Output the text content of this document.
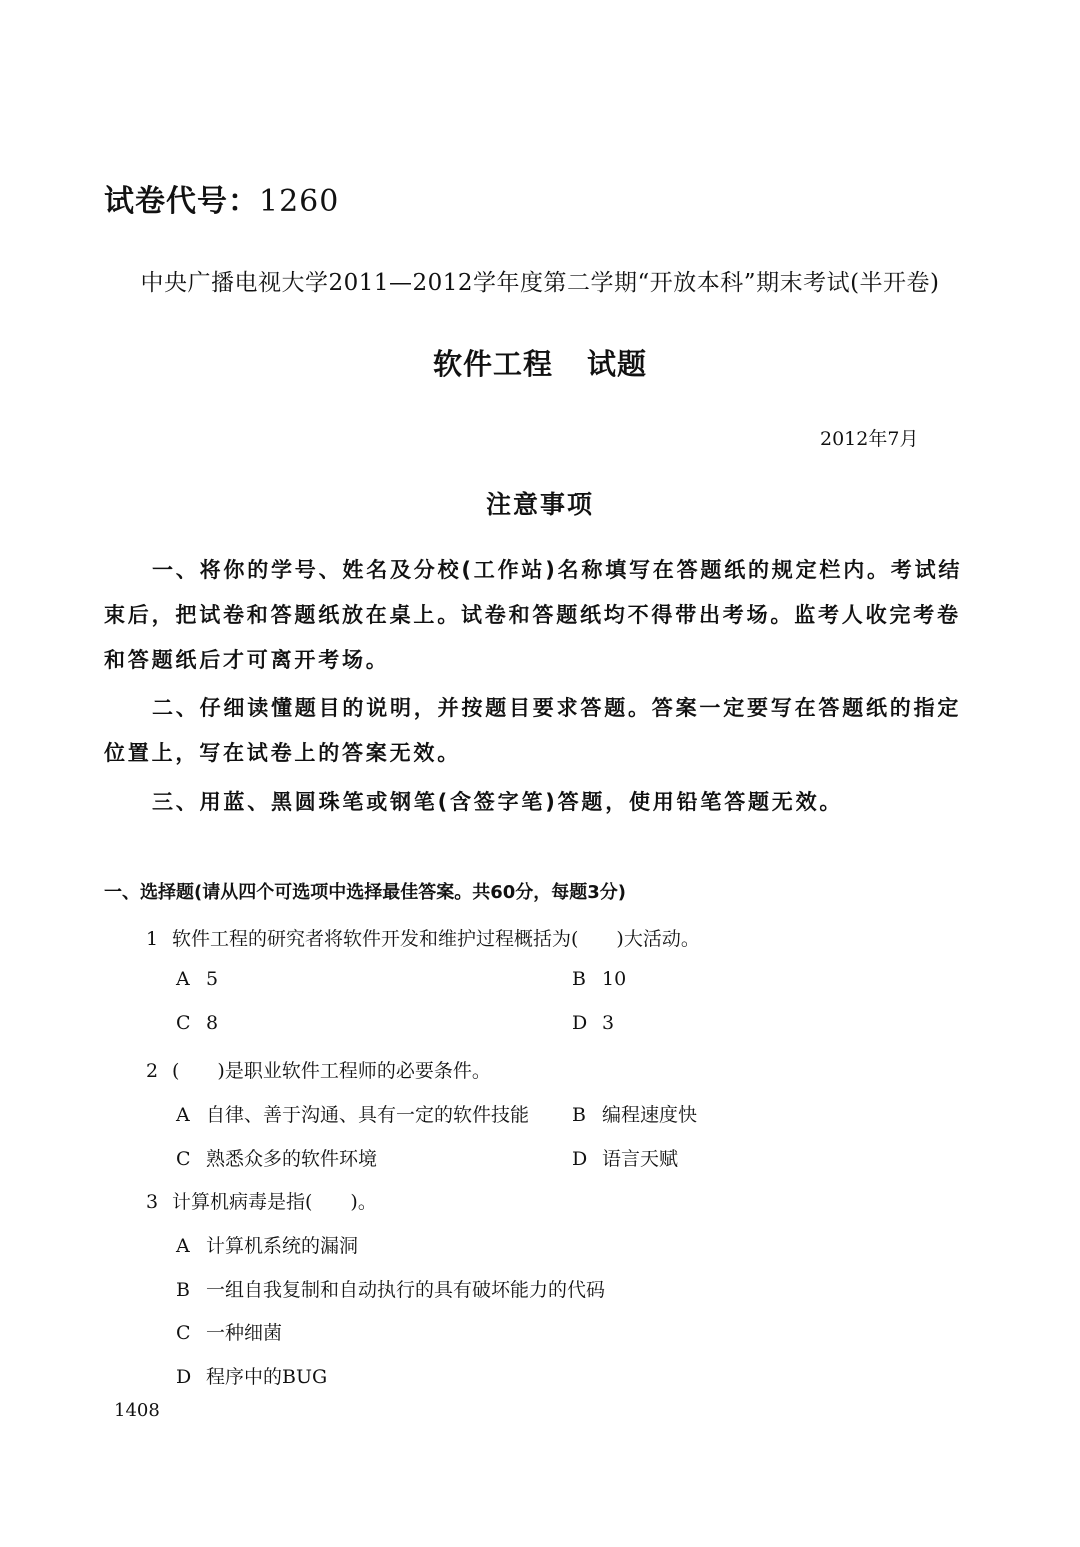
试卷代号：1260
中央广播电视大学2011—2012学年度第二学期“开放本科”期末考试(半开卷)
软件工程 试题
2012年7月
注意事项
一、将你的学号、姓名及分校(工作站)名称填写在答题纸的规定栏内。考试结束后，把试卷和答题纸放在桌上。试卷和答题纸均不得带出考场。监考人收完考卷和答题纸后才可离开考场。
二、仔细读懂题目的说明，并按题目要求答题。答案一定要写在答题纸的指定位置上，写在试卷上的答案无效。
三、用蓝、黑圆珠笔或钢笔(含签字笔)答题，使用铅笔答题无效。
一、选择题(请从四个可选项中选择最佳答案。共60分，每题3分)
1 软件工程的研究者将软件开发和维护过程概括为(　　)大活动。
A 5	B 10
C 8	D 3
2 (　　)是职业软件工程师的必要条件。
A 自律、善于沟通、具有一定的软件技能 B 编程速度快
C 熟悉众多的软件环境	D 语言天赋
3 计算机病毒是指(　　)。
A 计算机系统的漏洞
B 一组自我复制和自动执行的具有破坏能力的代码
C 一种细菌
D 程序中的BUG
1408
